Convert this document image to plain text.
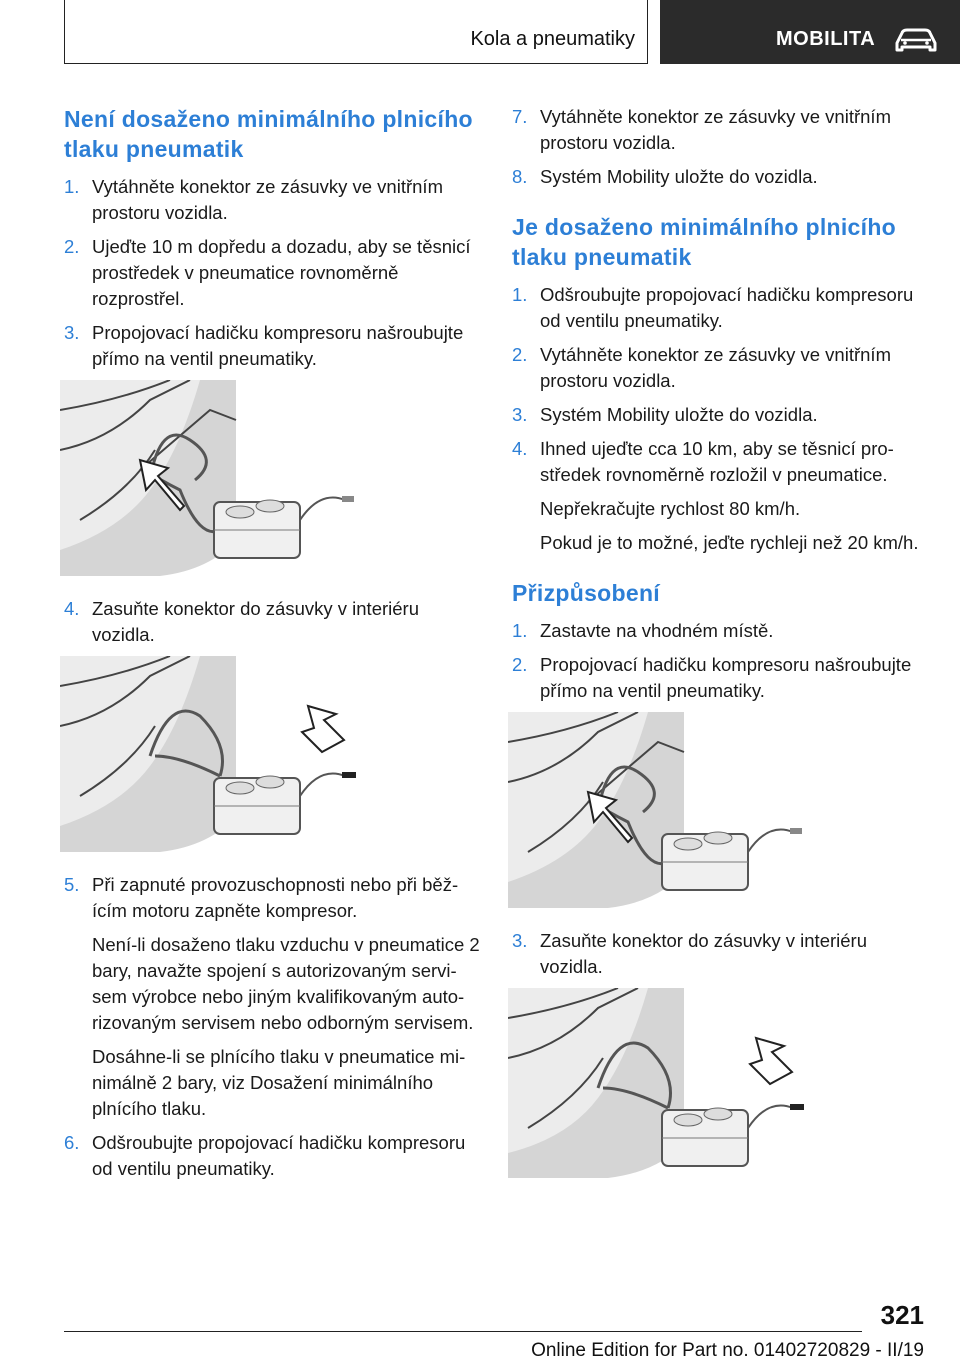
Kola a pneumatiky	MOBILITA
Není dosaženo minimálního plnicího tlaku pneumatik
1. Vytáhněte konektor ze zásuvky ve vnitřním prostoru vozidla.
2. Ujeďte 10 m dopředu a dozadu, aby se těsnicí prostředek v pneumatice rovnoměrně rozprostřel.
3. Propojovací hadičku kompresoru našroubujte přímo na ventil pneumatiky.
4. Zasuňte konektor do zásuvky v interiéru vozidla.
5. Při zapnuté provozuschopnosti nebo při běžícím motoru zapněte kompresor.
Není-li dosaženo tlaku vzduchu v pneumatice 2 bary, navažte spojení s autorizovaným servisem výrobce nebo jiným kvalifikovaným autorizovaným servisem nebo odborným servisem.
Dosáhne-li se plnícího tlaku v pneumatice minimálně 2 bary, viz Dosažení minimálního plnícího tlaku.
6. Odšroubujte propojovací hadičku kompresoru od ventilu pneumatiky.
7. Vytáhněte konektor ze zásuvky ve vnitřním prostoru vozidla.
8. Systém Mobility uložte do vozidla.
Je dosaženo minimálního plnicího tlaku pneumatik
1. Odšroubujte propojovací hadičku kompresoru od ventilu pneumatiky.
2. Vytáhněte konektor ze zásuvky ve vnitřním prostoru vozidla.
3. Systém Mobility uložte do vozidla.
4. Ihned ujeďte cca 10 km, aby se těsnicí prostředek rovnoměrně rozložil v pneumatice.
Nepřekračujte rychlost 80 km/h.
Pokud je to možné, jeďte rychleji než 20 km/h.
Přizpůsobení
1. Zastavte na vhodném místě.
2. Propojovací hadičku kompresoru našroubujte přímo na ventil pneumatiky.
3. Zasuňte konektor do zásuvky v interiéru vozidla.
321
Online Edition for Part no. 01402720829 - II/19
